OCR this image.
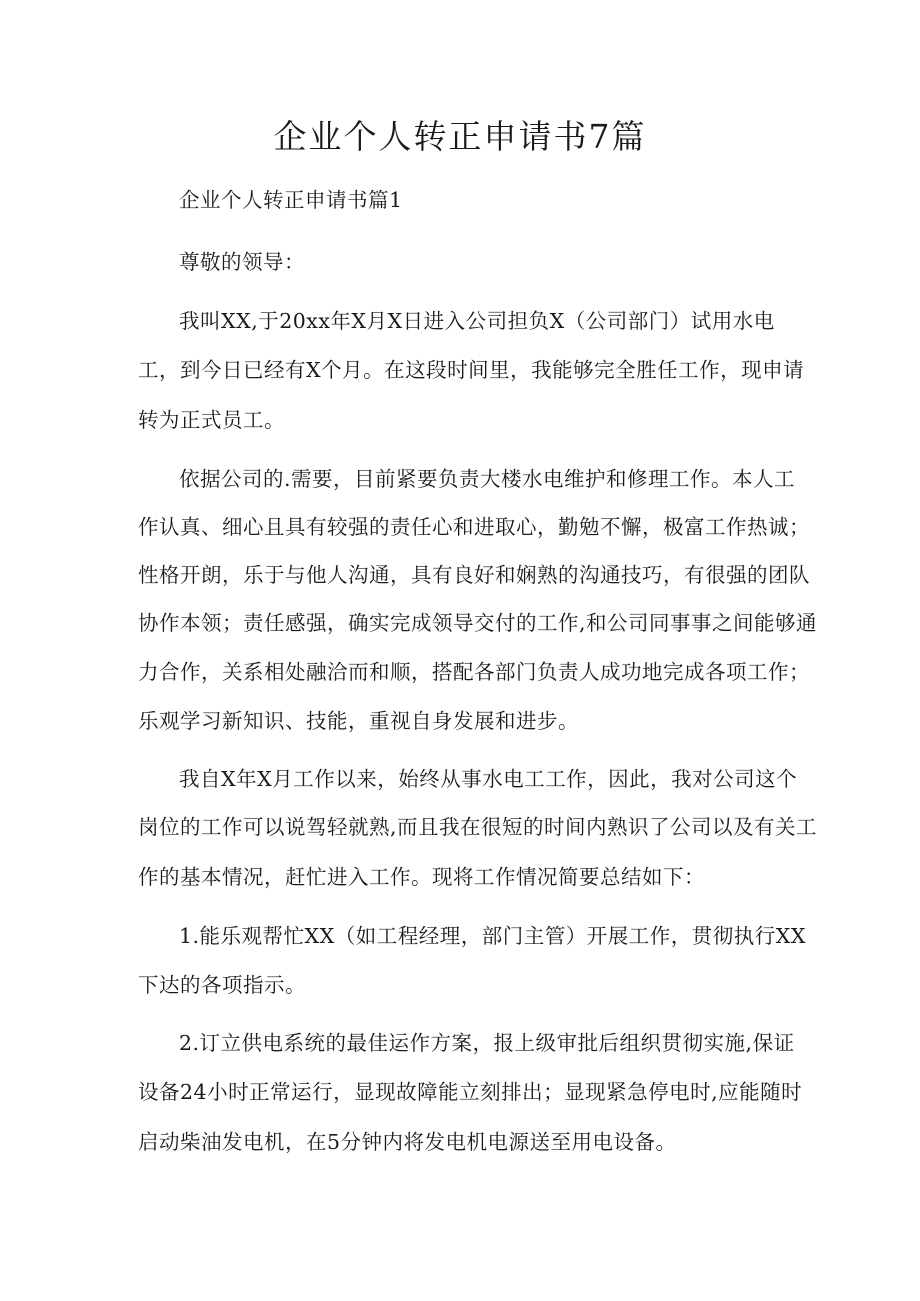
企业个人转正申请书7篇
企业个人转正申请书篇1
尊敬的领导：
我叫XX,于20xx年X月X日进入公司担负X（公司部门）试用水电
工，到今日已经有X个月。在这段时间里，我能够完全胜任工作，现申请
转为正式员工。
依据公司的.需要，目前紧要负责大楼水电维护和修理工作。本人工
作认真、细心且具有较强的责任心和进取心，勤勉不懈，极富工作热诚；
性格开朗，乐于与他人沟通，具有良好和娴熟的沟通技巧，有很强的团队
协作本领；责任感强，确实完成领导交付的工作,和公司同事事之间能够通
力合作，关系相处融洽而和顺，搭配各部门负责人成功地完成各项工作；
乐观学习新知识、技能，重视自身发展和进步。
我自X年X月工作以来，始终从事水电工工作，因此，我对公司这个
岗位的工作可以说驾轻就熟,而且我在很短的时间内熟识了公司以及有关工
作的基本情况，赶忙进入工作。现将工作情况简要总结如下：
1.能乐观帮忙XX（如工程经理，部门主管）开展工作，贯彻执行XX
下达的各项指示。
2.订立供电系统的最佳运作方案，报上级审批后组织贯彻实施,保证
设备24小时正常运行，显现故障能立刻排出；显现紧急停电时,应能随时
启动柴油发电机，在5分钟内将发电机电源送至用电设备。
